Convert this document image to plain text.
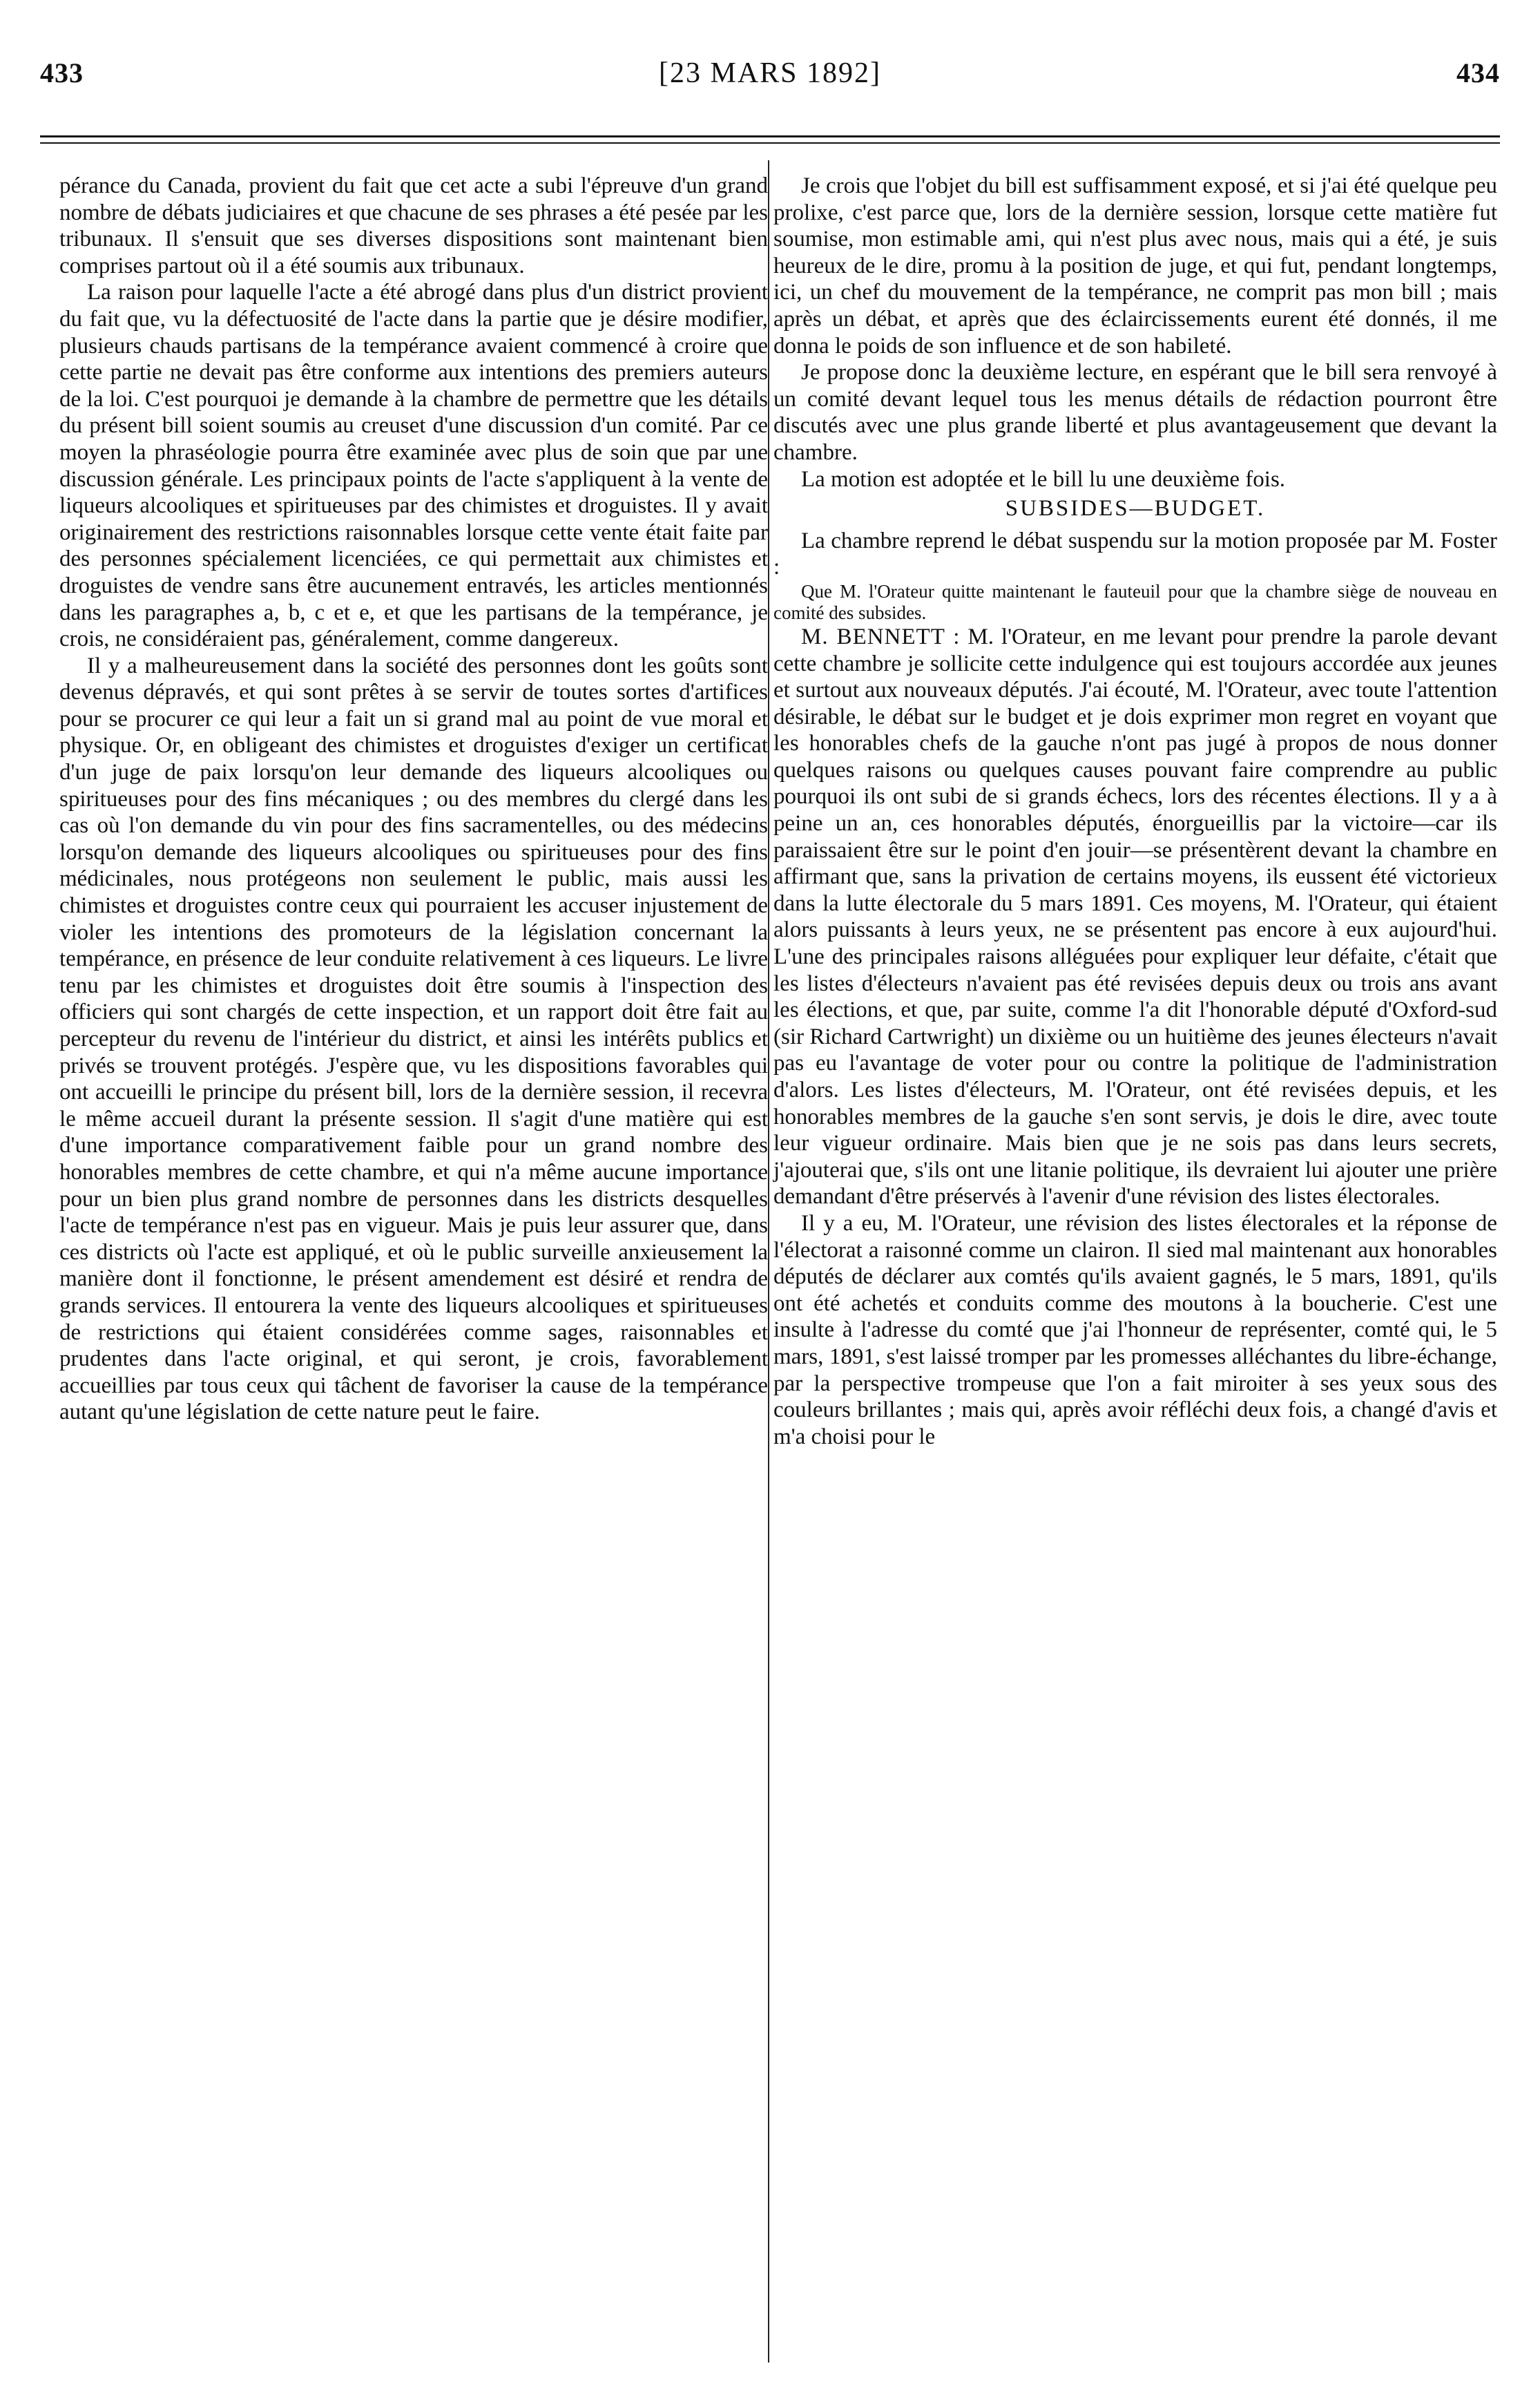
433	[23 MARS 1892]	434

pérance du Canada, provient du fait que cet acte a subi l'épreuve d'un grand nombre de débats judiciaires et que chacune de ses phrases a été pesée par les tribunaux. Il s'ensuit que ses diverses dispositions sont maintenant bien comprises partout où il a été soumis aux tribunaux.

La raison pour laquelle l'acte a été abrogé dans plus d'un district provient du fait que, vu la défectuosité de l'acte dans la partie que je désire modifier, plusieurs chauds partisans de la tempérance avaient commencé à croire que cette partie ne devait pas être conforme aux intentions des premiers auteurs de la loi. C'est pourquoi je demande à la chambre de permettre que les détails du présent bill soient soumis au creuset d'une discussion d'un comité. Par ce moyen la phraséologie pourra être examinée avec plus de soin que par une discussion générale. Les principaux points de l'acte s'appliquent à la vente de liqueurs alcooliques et spiritueuses par des chimistes et droguistes. Il y avait originairement des restrictions raisonnables lorsque cette vente était faite par des personnes spécialement licenciées, ce qui permettait aux chimistes et droguistes de vendre sans être aucunement entravés, les articles mentionnés dans les paragraphes a, b, c et e, et que les partisans de la tempérance, je crois, ne considéraient pas, généralement, comme dangereux.

Il y a malheureusement dans la société des personnes dont les goûts sont devenus dépravés, et qui sont prêtes à se servir de toutes sortes d'artifices pour se procurer ce qui leur a fait un si grand mal au point de vue moral et physique. Or, en obligeant des chimistes et droguistes d'exiger un certificat d'un juge de paix lorsqu'on leur demande des liqueurs alcooliques ou spiritueuses pour des fins mécaniques ; ou des membres du clergé dans les cas où l'on demande du vin pour des fins sacramentelles, ou des médecins lorsqu'on demande des liqueurs alcooliques ou spiritueuses pour des fins médicinales, nous protégeons non seulement le public, mais aussi les chimistes et droguistes contre ceux qui pourraient les accuser injustement de violer les intentions des promoteurs de la législation concernant la tempérance, en présence de leur conduite relativement à ces liqueurs. Le livre tenu par les chimistes et droguistes doit être soumis à l'inspection des officiers qui sont chargés de cette inspection, et un rapport doit être fait au percepteur du revenu de l'intérieur du district, et ainsi les intérêts publics et privés se trouvent protégés. J'espère que, vu les dispositions favorables qui ont accueilli le principe du présent bill, lors de la dernière session, il recevra le même accueil durant la présente session. Il s'agit d'une matière qui est d'une importance comparativement faible pour un grand nombre des honorables membres de cette chambre, et qui n'a même aucune importance pour un bien plus grand nombre de personnes dans les districts desquelles l'acte de tempérance n'est pas en vigueur. Mais je puis leur assurer que, dans ces districts où l'acte est appliqué, et où le public surveille anxieusement la manière dont il fonctionne, le présent amendement est désiré et rendra de grands services. Il entourera la vente des liqueurs alcooliques et spiritueuses de restrictions qui étaient considérées comme sages, raisonnables et prudentes dans l'acte original, et qui seront, je crois, favorablement accueillies par tous ceux qui tâchent de favoriser la cause de la tempérance autant qu'une législation de cette nature peut le faire.

Je crois que l'objet du bill est suffisamment exposé, et si j'ai été quelque peu prolixe, c'est parce que, lors de la dernière session, lorsque cette matière fut soumise, mon estimable ami, qui n'est plus avec nous, mais qui a été, je suis heureux de le dire, promu à la position de juge, et qui fut, pendant longtemps, ici, un chef du mouvement de la tempérance, ne comprit pas mon bill ; mais après un débat, et après que des éclaircissements eurent été donnés, il me donna le poids de son influence et de son habileté.

Je propose donc la deuxième lecture, en espérant que le bill sera renvoyé à un comité devant lequel tous les menus détails de rédaction pourront être discutés avec une plus grande liberté et plus avantageusement que devant la chambre.

La motion est adoptée et le bill lu une deuxième fois.

SUBSIDES—BUDGET.

La chambre reprend le débat suspendu sur la motion proposée par M. Foster :

Que M. l'Orateur quitte maintenant le fauteuil pour que la chambre siège de nouveau en comité des subsides.

M. BENNETT : M. l'Orateur, en me levant pour prendre la parole devant cette chambre je sollicite cette indulgence qui est toujours accordée aux jeunes et surtout aux nouveaux députés. J'ai écouté, M. l'Orateur, avec toute l'attention désirable, le débat sur le budget et je dois exprimer mon regret en voyant que les honorables chefs de la gauche n'ont pas jugé à propos de nous donner quelques raisons ou quelques causes pouvant faire comprendre au public pourquoi ils ont subi de si grands échecs, lors des récentes élections. Il y a à peine un an, ces honorables députés, énorgueillis par la victoire—car ils paraissaient être sur le point d'en jouir—se présentèrent devant la chambre en affirmant que, sans la privation de certains moyens, ils eussent été victorieux dans la lutte électorale du 5 mars 1891. Ces moyens, M. l'Orateur, qui étaient alors puissants à leurs yeux, ne se présentent pas encore à eux aujourd'hui. L'une des principales raisons alléguées pour expliquer leur défaite, c'était que les listes d'électeurs n'avaient pas été revisées depuis deux ou trois ans avant les élections, et que, par suite, comme l'a dit l'honorable député d'Oxford-sud (sir Richard Cartwright) un dixième ou un huitième des jeunes électeurs n'avait pas eu l'avantage de voter pour ou contre la politique de l'administration d'alors. Les listes d'électeurs, M. l'Orateur, ont été revisées depuis, et les honorables membres de la gauche s'en sont servis, je dois le dire, avec toute leur vigueur ordinaire. Mais bien que je ne sois pas dans leurs secrets, j'ajouterai que, s'ils ont une litanie politique, ils devraient lui ajouter une prière demandant d'être préservés à l'avenir d'une révision des listes électorales.

Il y a eu, M. l'Orateur, une révision des listes électorales et la réponse de l'électorat a raisonné comme un clairon. Il sied mal maintenant aux honorables députés de déclarer aux comtés qu'ils avaient gagnés, le 5 mars, 1891, qu'ils ont été achetés et conduits comme des moutons à la boucherie. C'est une insulte à l'adresse du comté que j'ai l'honneur de représenter, comté qui, le 5 mars, 1891, s'est laissé tromper par les promesses alléchantes du libre-échange, par la perspective trompeuse que l'on a fait miroiter à ses yeux sous des couleurs brillantes ; mais qui, après avoir réfléchi deux fois, a changé d'avis et m'a choisi pour le
